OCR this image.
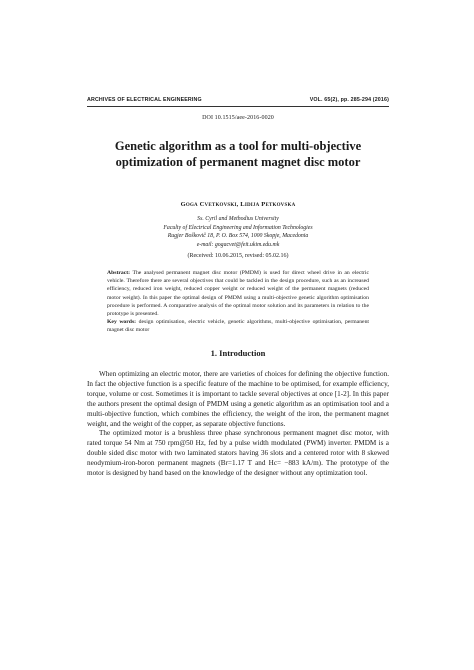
ARCHIVES OF ELECTRICAL ENGINEERING	VOL. 65(2), pp. 285-294 (2016)
DOI 10.1515/aee-2016-0020
Genetic algorithm as a tool for multi-objective
optimization of permanent magnet disc motor
Goga Cvetkovski, Lidija Petkovska
Ss. Cyril and Methodius University
Faculty of Electrical Engineering and Information Technologies
Rugjer Boškovič 18, P. O. Box 574, 1000 Skopje, Macedonia
e-mail: gogacvet@feit.ukim.edu.mk
(Received: 10.06.2015, revised: 05.02.16)
Abstract: The analysed permanent magnet disc motor (PMDM) is used for direct wheel drive in an electric vehicle. Therefore there are several objectives that could be tackled in the design procedure, such as an increased efficiency, reduced iron weight, reduced copper weight or reduced weight of the permanent magnets (reduced motor weight). In this paper the optimal design of PMDM using a multi-objective genetic algorithm optimisation procedure is performed. A comparative analysis of the optimal motor solution and its parameters in relation to the prototype is presented.
Key words: design optimisation, electric vehicle, genetic algorithms, multi-objective optimisation, permanent magnet disc motor
1. Introduction

When optimizing an electric motor, there are varieties of choices for defining the objective function. In fact the objective function is a specific feature of the machine to be optimised, for example efficiency, torque, volume or cost. Sometimes it is important to tackle several objectives at once [1-2]. In this paper the authors present the optimal design of PMDM using a genetic algorithm as an optimisation tool and a multi-objective function, which combines the efficiency, the weight of the iron, the permanent magnet weight, and the weight of the copper, as separate objective functions.

The optimized motor is a brushless three phase synchronous permanent magnet disc motor, with rated torque 54 Nm at 750 rpm@50 Hz, fed by a pulse width modulated (PWM) inverter. PMDM is a double sided disc motor with two laminated stators having 36 slots and a centered rotor with 8 skewed neodymium-iron-boron permanent magnets (Br=1.17 T and Hc= −883 kA/m). The prototype of the motor is designed by hand based on the knowledge of the designer without any optimization tool.
